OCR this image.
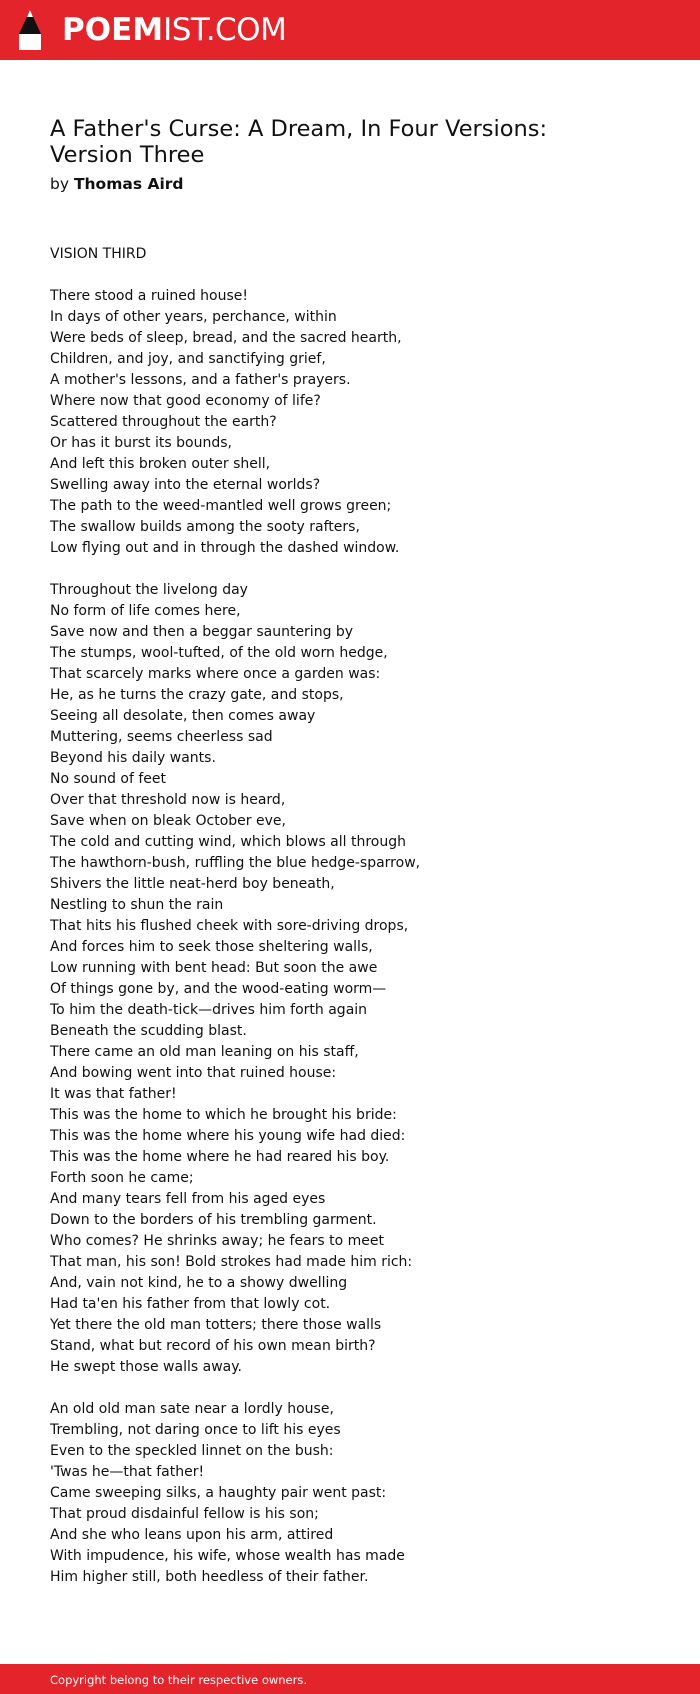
POEMIST.COM
A Father's Curse: A Dream, In Four Versions: Version Three
by Thomas Aird
VISION THIRD

There stood a ruined house!
In days of other years, perchance, within
Were beds of sleep, bread, and the sacred hearth,
Children, and joy, and sanctifying grief,
A mother's lessons, and a father's prayers.
Where now that good economy of life?
Scattered throughout the earth?
Or has it burst its bounds,
And left this broken outer shell,
Swelling away into the eternal worlds?
The path to the weed-mantled well grows green;
The swallow builds among the sooty rafters,
Low flying out and in through the dashed window.

Throughout the livelong day
No form of life comes here,
Save now and then a beggar sauntering by
The stumps, wool-tufted, of the old worn hedge,
That scarcely marks where once a garden was:
He, as he turns the crazy gate, and stops,
Seeing all desolate, then comes away
Muttering, seems cheerless sad
Beyond his daily wants.
No sound of feet
Over that threshold now is heard,
Save when on bleak October eve,
The cold and cutting wind, which blows all through
The hawthorn-bush, ruffling the blue hedge-sparrow,
Shivers the little neat-herd boy beneath,
Nestling to shun the rain
That hits his flushed cheek with sore-driving drops,
And forces him to seek those sheltering walls,
Low running with bent head: But soon the awe
Of things gone by, and the wood-eating worm—
To him the death-tick—drives him forth again
Beneath the scudding blast.
There came an old man leaning on his staff,
And bowing went into that ruined house:
It was that father!
This was the home to which he brought his bride:
This was the home where his young wife had died:
This was the home where he had reared his boy.
Forth soon he came;
And many tears fell from his aged eyes
Down to the borders of his trembling garment.
Who comes? He shrinks away; he fears to meet
That man, his son! Bold strokes had made him rich:
And, vain not kind, he to a showy dwelling
Had ta'en his father from that lowly cot.
Yet there the old man totters; there those walls
Stand, what but record of his own mean birth?
He swept those walls away.

An old old man sate near a lordly house,
Trembling, not daring once to lift his eyes
Even to the speckled linnet on the bush:
'Twas he—that father!
Came sweeping silks, a haughty pair went past:
That proud disdainful fellow is his son;
And she who leans upon his arm, attired
With impudence, his wife, whose wealth has made
Him higher still, both heedless of their father.
Copyright belong to their respective owners.
